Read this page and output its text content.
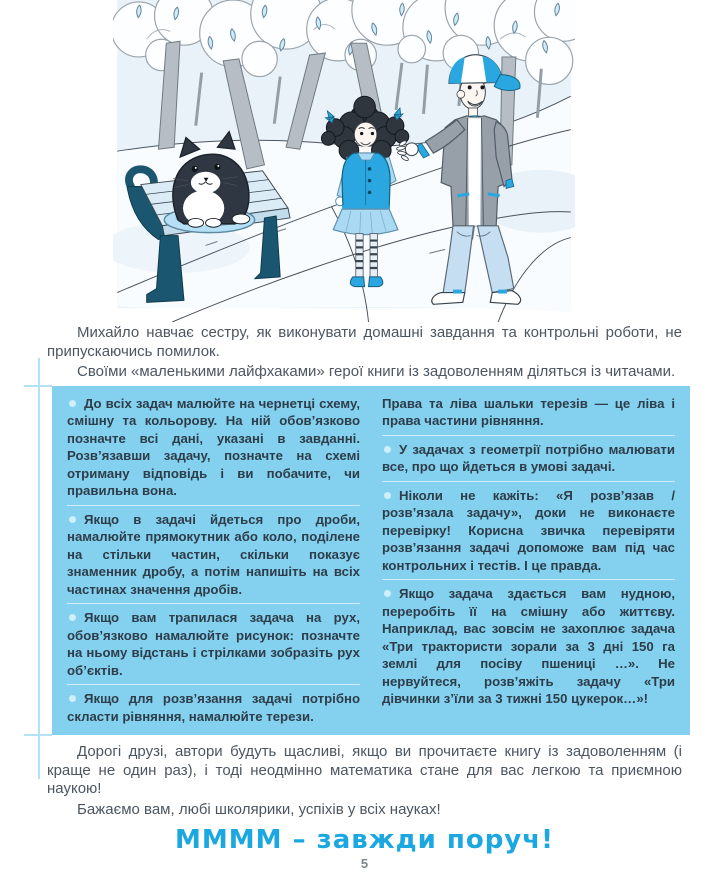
Михайло навчає сестру, як виконувати домашні завдання та контрольні роботи, не припускаючись помилок.

Своїми «маленькими лайфхаками» герої книги із задоволенням діляться із читачами.

До всіх задач малюйте на чернетці схему, смішну та кольорову. На ній обов’язково позначте всі дані, указані в завданні. Розв’язавши задачу, позначте на схемі отриману відповідь і ви побачите, чи правильна вона.

Якщо в задачі йдеться про дроби, намалюйте прямокутник або коло, поділене на стільки частин, скільки показує знаменник дробу, а потім напишіть на всіх частинах значення дробів.

Якщо вам трапилася задача на рух, обов’язково намалюйте рисунок: позначте на ньому відстань і стрілками зобразіть рух об’єктів.

Якщо для розв’язання задачі потрібно скласти рівняння, намалюйте терези.

Права та ліва шальки терезів — це ліва і права частини рівняння.

У задачах з геометрії потрібно малювати все, про що йдеться в умові задачі.

Ніколи не кажіть: «Я розв’язав / розв’язала задачу», доки не виконаєте перевірку! Корисна звичка перевіряти розв’язання задачі допоможе вам під час контрольних і тестів. І це правда.

Якщо задача здається вам нудною, переробіть її на смішну або життєву. Наприклад, вас зовсім не захоплює задача «Три трактористи зорали за 3 дні 150 га землі для посіву пшениці …». Не нервуйтеся, розв’яжіть задачу «Три дівчинки з’їли за 3 тижні 150 цукерок…»!

Дорогі друзі, автори будуть щасливі, якщо ви прочитаєте книгу із задоволенням (і краще не один раз), і тоді неодмінно математика стане для вас легкою та приємною наукою!

Бажаємо вам, любі школярики, успіхів у всіх науках!

ММММ – завжди поруч!
5
